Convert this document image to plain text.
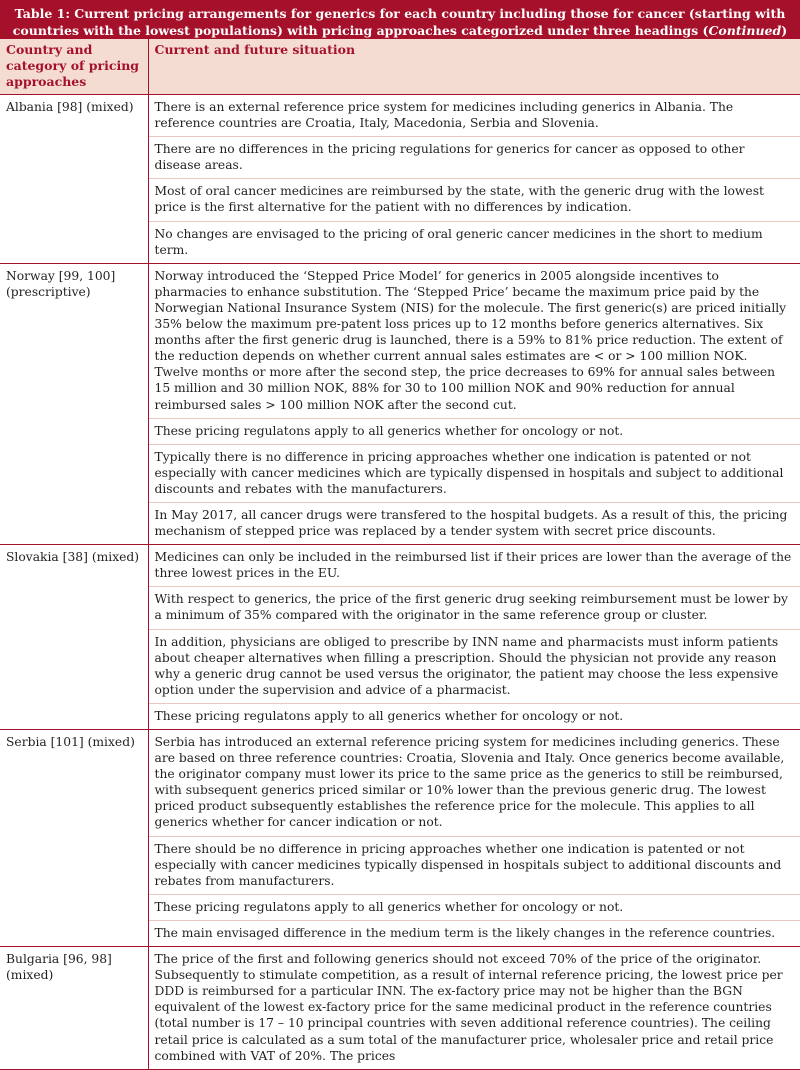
Table 1: Current pricing arrangements for generics for each country including those for cancer (starting with countries with the lowest populations) with pricing approaches categorized under three headings (Continued)
Country and category of pricing approaches	Current and future situation
Albania [98] (mixed)	There is an external reference price system for medicines including generics in Albania. The reference countries are Croatia, Italy, Macedonia, Serbia and Slovenia.
There are no differences in the pricing regulations for generics for cancer as opposed to other disease areas.
Most of oral cancer medicines are reimbursed by the state, with the generic drug with the lowest price is the first alternative for the patient with no differences by indication.
No changes are envisaged to the pricing of oral generic cancer medicines in the short to medium term.

Norway [99, 100] (prescriptive)	Norway introduced the ‘Stepped Price Model’ for generics in 2005 alongside incentives to pharmacies to enhance substitution. The ‘Stepped Price’ became the maximum price paid by the Norwegian National Insurance System (NIS) for the molecule. The first generic(s) are priced initially 35% below the maximum pre-patent loss prices up to 12 months before generics alternatives. Six months after the first generic drug is launched, there is a 59% to 81% price reduction. The extent of the reduction depends on whether current annual sales estimates are < or > 100 million NOK. Twelve months or more after the second step, the price decreases to 69% for annual sales between 15 million and 30 million NOK, 88% for 30 to 100 million NOK and 90% reduction for annual reimbursed sales > 100 million NOK after the second cut.
These pricing regulatons apply to all generics whether for oncology or not.
Typically there is no difference in pricing approaches whether one indication is patented or not especially with cancer medicines which are typically dispensed in hospitals and subject to additional discounts and rebates with the manufacturers.
In May 2017, all cancer drugs were transfered to the hospital budgets. As a result of this, the pricing mechanism of stepped price was replaced by a tender system with secret price discounts.

Slovakia [38] (mixed)	Medicines can only be included in the reimbursed list if their prices are lower than the average of the three lowest prices in the EU.
With respect to generics, the price of the first generic drug seeking reimbursement must be lower by a minimum of 35% compared with the originator in the same reference group or cluster.
In addition, physicians are obliged to prescribe by INN name and pharmacists must inform patients about cheaper alternatives when filling a prescription. Should the physician not provide any reason why a generic drug cannot be used versus the originator, the patient may choose the less expensive option under the supervision and advice of a pharmacist.
These pricing regulatons apply to all generics whether for oncology or not.

Serbia [101] (mixed)	Serbia has introduced an external reference pricing system for medicines including generics. These are based on three reference countries: Croatia, Slovenia and Italy. Once generics become available, the originator company must lower its price to the same price as the generics to still be reimbursed, with subsequent generics priced similar or 10% lower than the previous generic drug. The lowest priced product subsequently establishes the reference price for the molecule. This applies to all generics whether for cancer indication or not.
There should be no difference in pricing approaches whether one indication is patented or not especially with cancer medicines typically dispensed in hospitals subject to additional discounts and rebates from manufacturers.
These pricing regulatons apply to all generics whether for oncology or not.
The main envisaged difference in the medium term is the likely changes in the reference countries.

Bulgaria [96, 98] (mixed)	The price of the first and following generics should not exceed 70% of the price of the originator. Subsequently to stimulate competition, as a result of internal reference pricing, the lowest price per DDD is reimbursed for a particular INN. The ex-factory price may not be higher than the BGN equivalent of the lowest ex-factory price for the same medicinal product in the reference countries (total number is 17 – 10 principal countries with seven additional reference countries). The ceiling retail price is calculated as a sum total of the manufacturer price, wholesaler price and retail price combined with VAT of 20%. The prices
